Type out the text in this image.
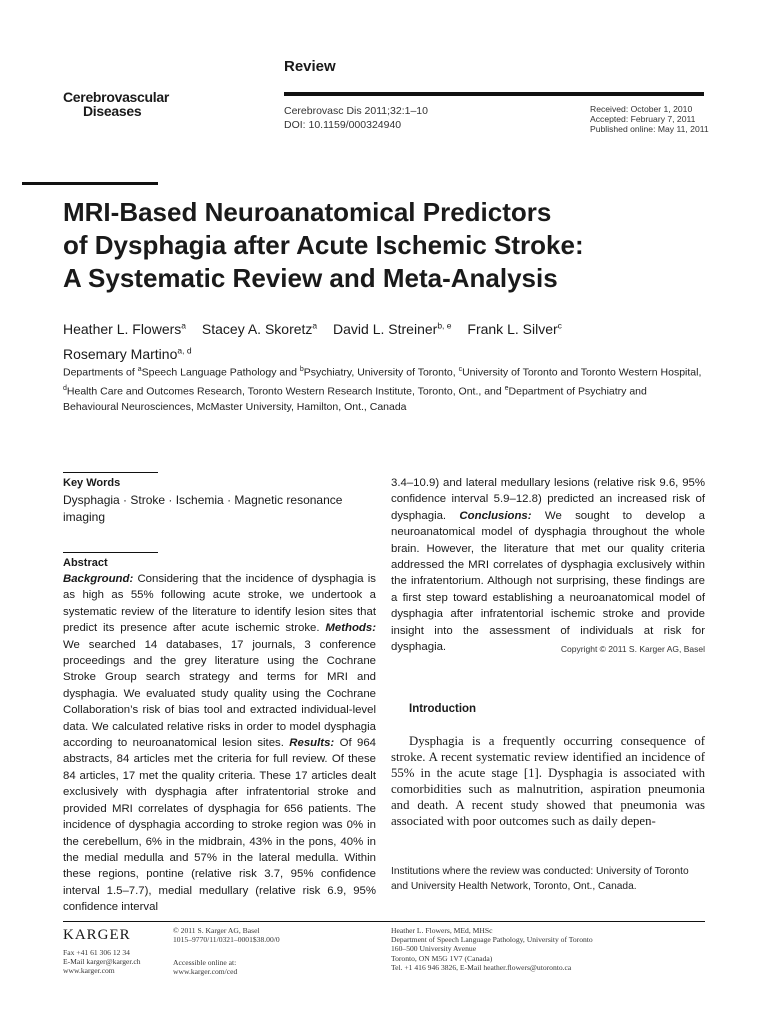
Review
Cerebrovascular
Diseases	Cerebrovasc Dis 2011;32:1–10
DOI: 10.1159/000324940
Received: October 1, 2010
Accepted: February 7, 2011
Published online: May 11, 2011
MRI-Based Neuroanatomical Predictors
of Dysphagia after Acute Ischemic Stroke:
A Systematic Review and Meta-Analysis
Heather L. Flowers$^a$ Stacey A. Skoretz$^a$ David L. Streiner$^{b, e}$ Frank L. Silver$^c$
Rosemary Martino$^{a, d}$
Departments of $^a$Speech Language Pathology and $^b$Psychiatry, University of Toronto, $^c$University of Toronto and Toronto Western Hospital, $^d$Health Care and Outcomes Research, Toronto Western Research Institute, Toronto, Ont., and $^e$Department of Psychiatry and Behavioural Neurosciences, McMaster University, Hamilton, Ont., Canada
Key Words
Dysphagia · Stroke · Ischemia · Magnetic resonance imaging
Abstract
Background: Considering that the incidence of dysphagia is as high as 55% following acute stroke, we undertook a systematic review of the literature to identify lesion sites that predict its presence after acute ischemic stroke. Methods: We searched 14 databases, 17 journals, 3 conference proceedings and the grey literature using the Cochrane Stroke Group search strategy and terms for MRI and dysphagia. We evaluated study quality using the Cochrane Collaboration’s risk of bias tool and extracted individual-level data. We calculated relative risks in order to model dysphagia according to neuroanatomical lesion sites. Results: Of 964 abstracts, 84 articles met the criteria for full review. Of these 84 articles, 17 met the quality criteria. These 17 articles dealt exclusively with dysphagia after infratentorial stroke and provided MRI correlates of dysphagia for 656 patients. The incidence of dysphagia according to stroke region was 0% in the cerebellum, 6% in the midbrain, 43% in the pons, 40% in the medial medulla and 57% in the lateral medulla. Within these regions, pontine (relative risk 3.7, 95% confidence interval 1.5–7.7), medial medullary (relative risk 6.9, 95% confidence interval
3.4–10.9) and lateral medullary lesions (relative risk 9.6, 95% confidence interval 5.9–12.8) predicted an increased risk of dysphagia. Conclusions: We sought to develop a neuroanatomical model of dysphagia throughout the whole brain. However, the literature that met our quality criteria addressed the MRI correlates of dysphagia exclusively within the infratentorium. Although not surprising, these findings are a first step toward establishing a neuroanatomical model of dysphagia after infratentorial ischemic stroke and provide insight into the assessment of individuals at risk for dysphagia.	Copyright © 2011 S. Karger AG, Basel
Introduction
Dysphagia is a frequently occurring consequence of stroke. A recent systematic review identified an incidence of 55% in the acute stage [1]. Dysphagia is associated with comorbidities such as malnutrition, aspiration pneumonia and death. A recent study showed that pneumonia was associated with poor outcomes such as daily depen-
Institutions where the review was conducted: University of Toronto and University Health Network, Toronto, Ont., Canada.
KARGER
Fax +41 61 306 12 34
E-Mail karger@karger.ch
www.karger.com
© 2011 S. Karger AG, Basel
1015–9770/11/0321–0001$38.00/0
Accessible online at:
www.karger.com/ced
Heather L. Flowers, MEd, MHSc
Department of Speech Language Pathology, University of Toronto
160–500 University Avenue
Toronto, ON M5G 1V7 (Canada)
Tel. +1 416 946 3826, E-Mail heather.flowers@utoronto.ca
